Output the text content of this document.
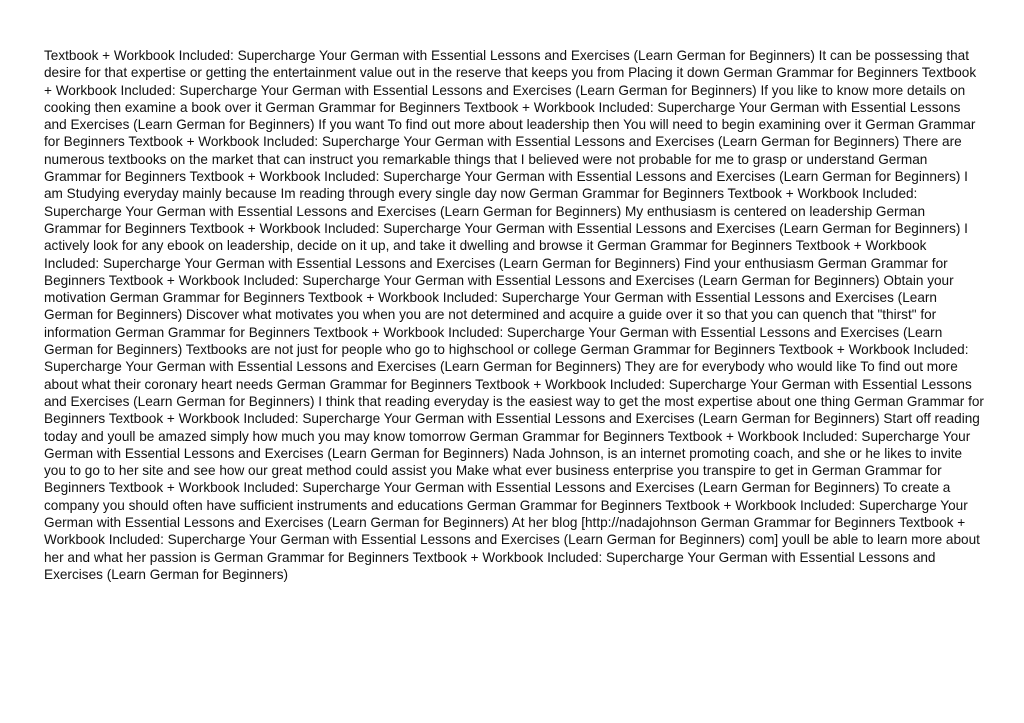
Textbook + Workbook Included: Supercharge Your German with Essential Lessons and Exercises (Learn German for Beginners) It can be possessing that desire for that expertise or getting the entertainment value out in the reserve that keeps you from Placing it down German Grammar for Beginners Textbook + Workbook Included: Supercharge Your German with Essential Lessons and Exercises (Learn German for Beginners) If you like to know more details on cooking then examine a book over it German Grammar for Beginners Textbook + Workbook Included: Supercharge Your German with Essential Lessons and Exercises (Learn German for Beginners) If you want To find out more about leadership then You will need to begin examining over it German Grammar for Beginners Textbook + Workbook Included: Supercharge Your German with Essential Lessons and Exercises (Learn German for Beginners) There are numerous textbooks on the market that can instruct you remarkable things that I believed were not probable for me to grasp or understand German Grammar for Beginners Textbook + Workbook Included: Supercharge Your German with Essential Lessons and Exercises (Learn German for Beginners) I am Studying everyday mainly because Im reading through every single day now German Grammar for Beginners Textbook + Workbook Included: Supercharge Your German with Essential Lessons and Exercises (Learn German for Beginners) My enthusiasm is centered on leadership German Grammar for Beginners Textbook + Workbook Included: Supercharge Your German with Essential Lessons and Exercises (Learn German for Beginners) I actively look for any ebook on leadership, decide on it up, and take it dwelling and browse it German Grammar for Beginners Textbook + Workbook Included: Supercharge Your German with Essential Lessons and Exercises (Learn German for Beginners) Find your enthusiasm German Grammar for Beginners Textbook + Workbook Included: Supercharge Your German with Essential Lessons and Exercises (Learn German for Beginners) Obtain your motivation German Grammar for Beginners Textbook + Workbook Included: Supercharge Your German with Essential Lessons and Exercises (Learn German for Beginners) Discover what motivates you when you are not determined and acquire a guide over it so that you can quench that "thirst" for information German Grammar for Beginners Textbook + Workbook Included: Supercharge Your German with Essential Lessons and Exercises (Learn German for Beginners) Textbooks are not just for people who go to highschool or college German Grammar for Beginners Textbook + Workbook Included: Supercharge Your German with Essential Lessons and Exercises (Learn German for Beginners) They are for everybody who would like To find out more about what their coronary heart needs German Grammar for Beginners Textbook + Workbook Included: Supercharge Your German with Essential Lessons and Exercises (Learn German for Beginners) I think that reading everyday is the easiest way to get the most expertise about one thing German Grammar for Beginners Textbook + Workbook Included: Supercharge Your German with Essential Lessons and Exercises (Learn German for Beginners) Start off reading today and youll be amazed simply how much you may know tomorrow German Grammar for Beginners Textbook + Workbook Included: Supercharge Your German with Essential Lessons and Exercises (Learn German for Beginners) Nada Johnson, is an internet promoting coach, and she or he likes to invite you to go to her site and see how our great method could assist you Make what ever business enterprise you transpire to get in German Grammar for Beginners Textbook + Workbook Included: Supercharge Your German with Essential Lessons and Exercises (Learn German for Beginners) To create a company you should often have sufficient instruments and educations German Grammar for Beginners Textbook + Workbook Included: Supercharge Your German with Essential Lessons and Exercises (Learn German for Beginners) At her blog [http://nadajohnson German Grammar for Beginners Textbook + Workbook Included: Supercharge Your German with Essential Lessons and Exercises (Learn German for Beginners) com] youll be able to learn more about her and what her passion is German Grammar for Beginners Textbook + Workbook Included: Supercharge Your German with Essential Lessons and Exercises (Learn German for Beginners)
